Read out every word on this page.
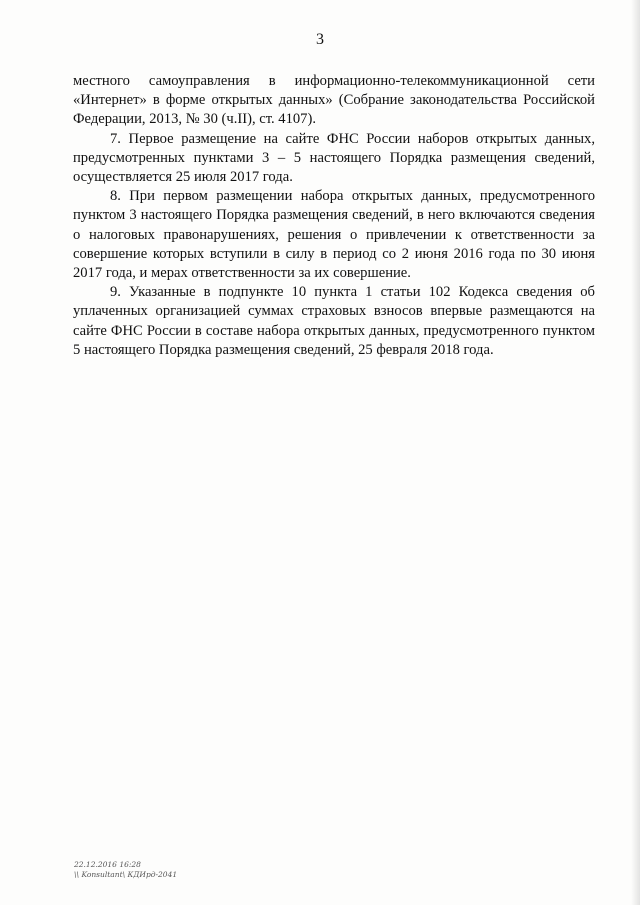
3

местного самоуправления в информационно-телекоммуникационной сети «Интернет» в форме открытых данных» (Собрание законодательства Российской Федерации, 2013, № 30 (ч.II), ст. 4107).

7. Первое размещение на сайте ФНС России наборов открытых данных, предусмотренных пунктами 3 – 5 настоящего Порядка размещения сведений, осуществляется 25 июля 2017 года.

8. При первом размещении набора открытых данных, предусмотренного пунктом 3 настоящего Порядка размещения сведений, в него включаются сведения о налоговых правонарушениях, решения о привлечении к ответственности за совершение которых вступили в силу в период со 2 июня 2016 года по 30 июня 2017 года, и мерах ответственности за их совершение.

9. Указанные в подпункте 10 пункта 1 статьи 102 Кодекса сведения об уплаченных организацией суммах страховых взносов впервые размещаются на сайте ФНС России в составе набора открытых данных, предусмотренного пунктом 5 настоящего Порядка размещения сведений, 25 февраля 2018 года.

22.12.2016 16:28
\\ Konsultant\ КДИрд-2041
